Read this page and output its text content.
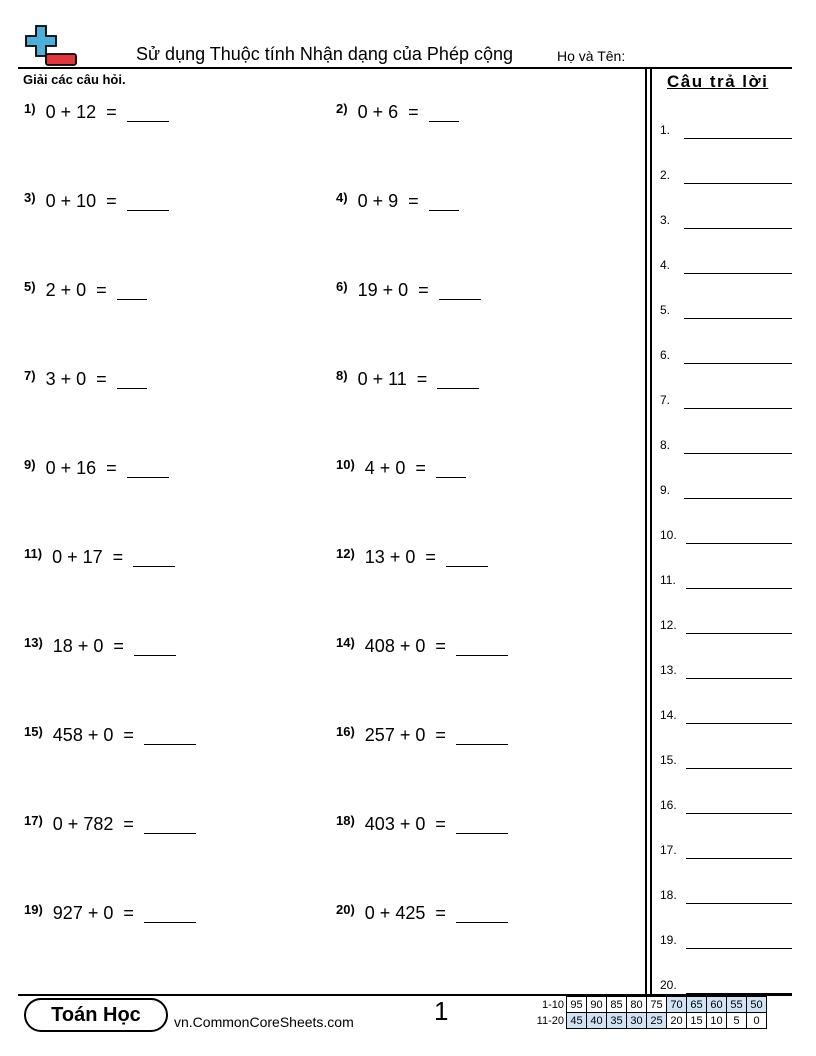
Sử dụng Thuộc tính Nhận dạng của Phép cộng	Họ và Tên:
Giải các câu hỏi.
1) 0 + 12  =	2) 0 + 6  =
3) 0 + 10  =	4) 0 + 9  =
5) 2 + 0  =	6) 19 + 0  =
7) 3 + 0  =	8) 0 + 11  =
9) 0 + 16  =	10) 4 + 0  =
11) 0 + 17  =	12) 13 + 0  =
13) 18 + 0  =	14) 408 + 0  =
15) 458 + 0  =	16) 257 + 0  =
17) 0 + 782  =	18) 403 + 0  =
19) 927 + 0  =	20) 0 + 425  =
Câu trả lời
1.
2.
3.
4.
5.
6.
7.
8.
9.
10.
11.
12.
13.
14.
15.
16.
17.
18.
19.
20.
Toán Học	vn.CommonCoreSheets.com	1	1-10	95	90	85	80	75	70	65	60	55	50
11-20	45	40	35	30	25	20	15	10	5	0
